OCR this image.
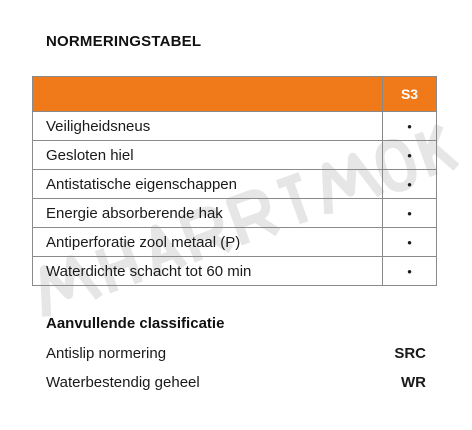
NORMERINGSTABEL
	S3
Veiligheidsneus	•
Gesloten hiel	•
Antistatische eigenschappen	•
Energie absorberende hak	•
Antiperforatie zool metaal (P)	•
Waterdichte schacht tot 60 min	•
Aanvullende classificatie
Antislip normering	SRC
Waterbestendig geheel	WR
